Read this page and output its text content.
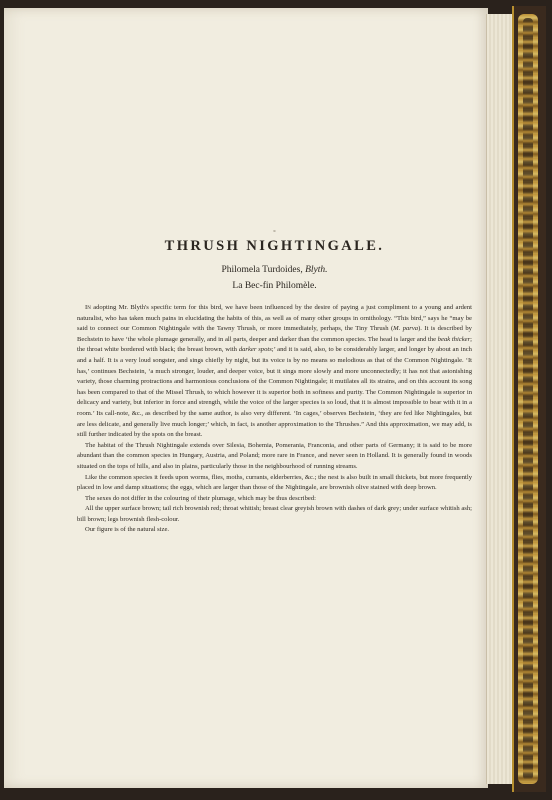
°
THRUSH NIGHTINGALE.
Philomela Turdoides, Blyth.
La Bec-fin Philomèle.

In adopting Mr. Blyth's specific term for this bird, we have been influenced by the desire of paying a just compliment to a young and ardent naturalist, who has taken much pains in elucidating the habits of this, as well as of many other groups in ornithology. “This bird,” says he “may be said to connect our Common Nightingale with the Tawny Thrush, or more immediately, perhaps, the Tiny Thrush (M. parva). It is described by Bechstein to have ‘the whole plumage generally, and in all parts, deeper and darker than the common species. The head is larger and the beak thicker; the throat white bordered with black; the breast brown, with darker spots;’ and it is said, also, to be considerably larger, and longer by about an inch and a half. It is a very loud songster, and sings chiefly by night, but its voice is by no means so melodious as that of the Common Nightingale. ‘It has,’ continues Bechstein, ‘a much stronger, louder, and deeper voice, but it sings more slowly and more unconnectedly; it has not that astonishing variety, those charming protractions and harmonious conclusions of the Common Nightingale; it mutilates all its strains, and on this account its song has been compared to that of the Missel Thrush, to which however it is superior both in softness and purity. The Common Nightingale is superior in delicacy and variety, but inferior in force and strength, while the voice of the larger species is so loud, that it is almost impossible to bear with it in a room.’ Its call-note, &c., as described by the same author, is also very different. ‘In cages,’ observes Bechstein, ‘they are fed like Nightingales, but are less delicate, and generally live much longer;’ which, in fact, is another approximation to the Thrushes.” And this approximation, we may add, is still further indicated by the spots on the breast.

The habitat of the Thrush Nightingale extends over Silesia, Bohemia, Pomerania, Franconia, and other parts of Germany; it is said to be more abundant than the common species in Hungary, Austria, and Poland; more rare in France, and never seen in Holland. It is generally found in woods situated on the tops of hills, and also in plains, particularly those in the neighbourhood of running streams.

Like the common species it feeds upon worms, flies, moths, currants, elderberries, &c.; the nest is also built in small thickets, but more frequently placed in low and damp situations; the eggs, which are larger than those of the Nightingale, are brownish olive stained with deep brown.

The sexes do not differ in the colouring of their plumage, which may be thus described:

All the upper surface brown; tail rich brownish red; throat whitish; breast clear greyish brown with dashes of dark grey; under surface whitish ash; bill brown; legs brownish flesh-colour.

Our figure is of the natural size.
